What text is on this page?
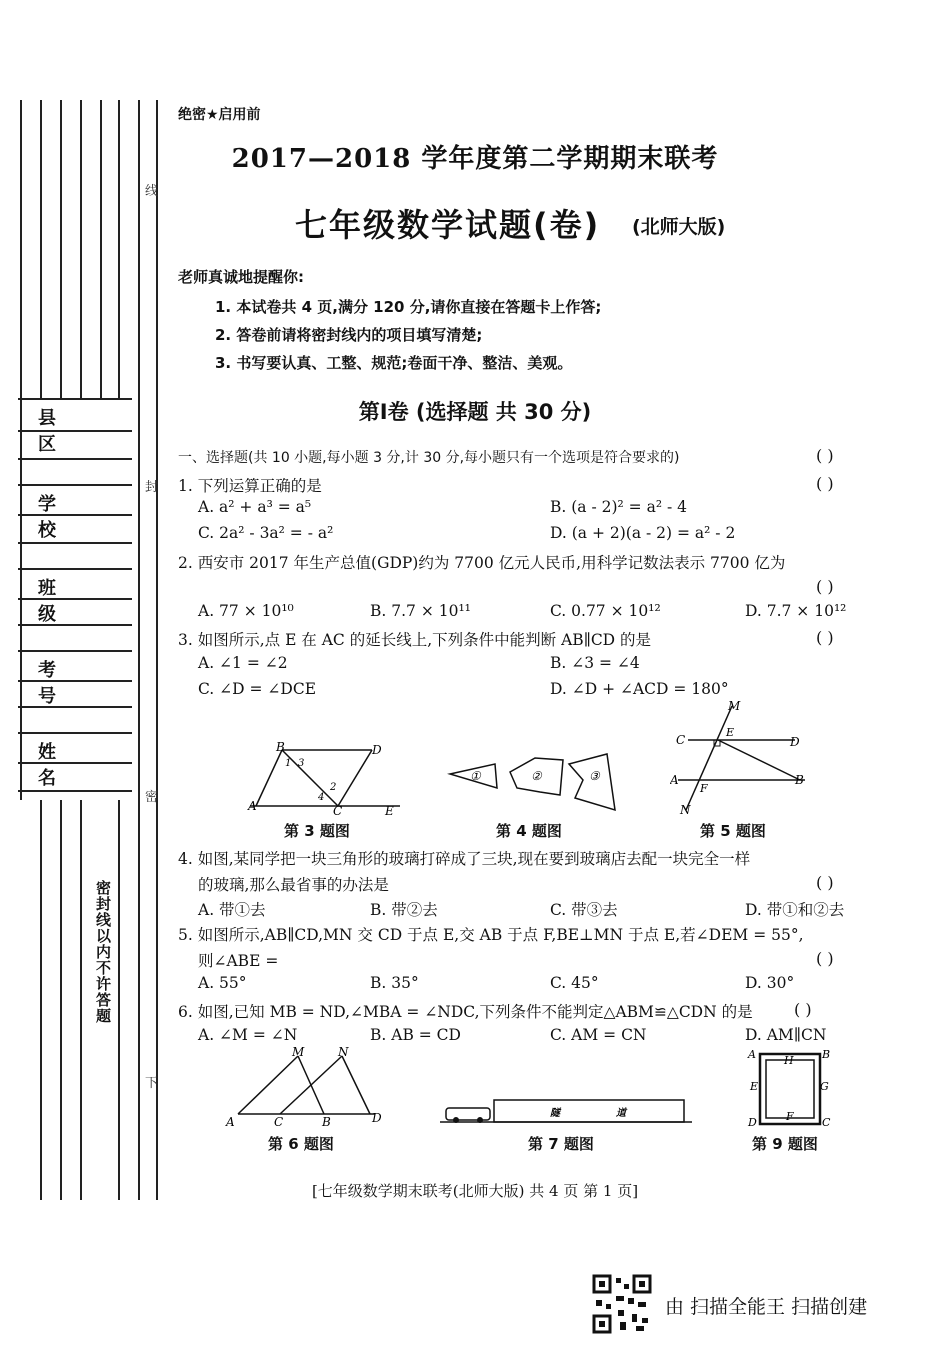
县 区
学 校
班 级
考 号
姓 名
密封线以内不许答题
线
封
密
下
绝密★启用前
2017—2018 学年度第二学期期末联考
七年级数学试题(卷) (北师大版)
老师真诚地提醒你:
1. 本试卷共 4 页,满分 120 分,请你直接在答题卡上作答;
2. 答卷前请将密封线内的项目填写清楚;
3. 书写要认真、工整、规范;卷面干净、整洁、美观。
第Ⅰ卷 (选择题 共 30 分)
一、选择题(共 10 小题,每小题 3 分,计 30 分,每小题只有一个选项是符合要求的)	( )
1. 下列运算正确的是	( )
A. a² + a³ = a⁵	B. (a - 2)² = a² - 4
C. 2a² - 3a² = - a²	D. (a + 2)(a - 2) = a² - 2
2. 西安市 2017 年生产总值(GDP)约为 7700 亿元人民币,用科学记数法表示 7700 亿为
( )
A. 77 × 10¹⁰	B. 7.7 × 10¹¹	C. 0.77 × 10¹²	D. 7.7 × 10¹²
3. 如图所示,点 E 在 AC 的延长线上,下列条件中能判断 AB∥CD 的是	( )
A. ∠1 = ∠2	B. ∠3 = ∠4
C. ∠D = ∠DCE	D. ∠D + ∠ACD = 180°
B	D
1 3
2
4
A	C	E
第 3 题图
①	②	③
第 4 题图
M
E
C	D
A
F
B
N
第 5 题图
4. 如图,某同学把一块三角形的玻璃打碎成了三块,现在要到玻璃店去配一块完全一样
的玻璃,那么最省事的办法是	( )
A. 带①去	B. 带②去	C. 带③去	D. 带①和②去
5. 如图所示,AB∥CD,MN 交 CD 于点 E,交 AB 于点 F,BE⊥MN 于点 E,若∠DEM = 55°,
则∠ABE =	( )
A. 55°	B. 35°	C. 45°	D. 30°
6. 如图,已知 MB = ND,∠MBA = ∠NDC,下列条件不能判定△ABM≌△CDN 的是	( )
A. ∠M = ∠N	B. AB = CD	C. AM = CN	D. AM∥CN
M	N
A	C	B	D
第 6 题图
隧	道
第 7 题图
A	H	B
E	G
D	F	C
第 9 题图
[七年级数学期末联考(北师大版) 共 4 页 第 1 页]
由 扫描全能王 扫描创建
